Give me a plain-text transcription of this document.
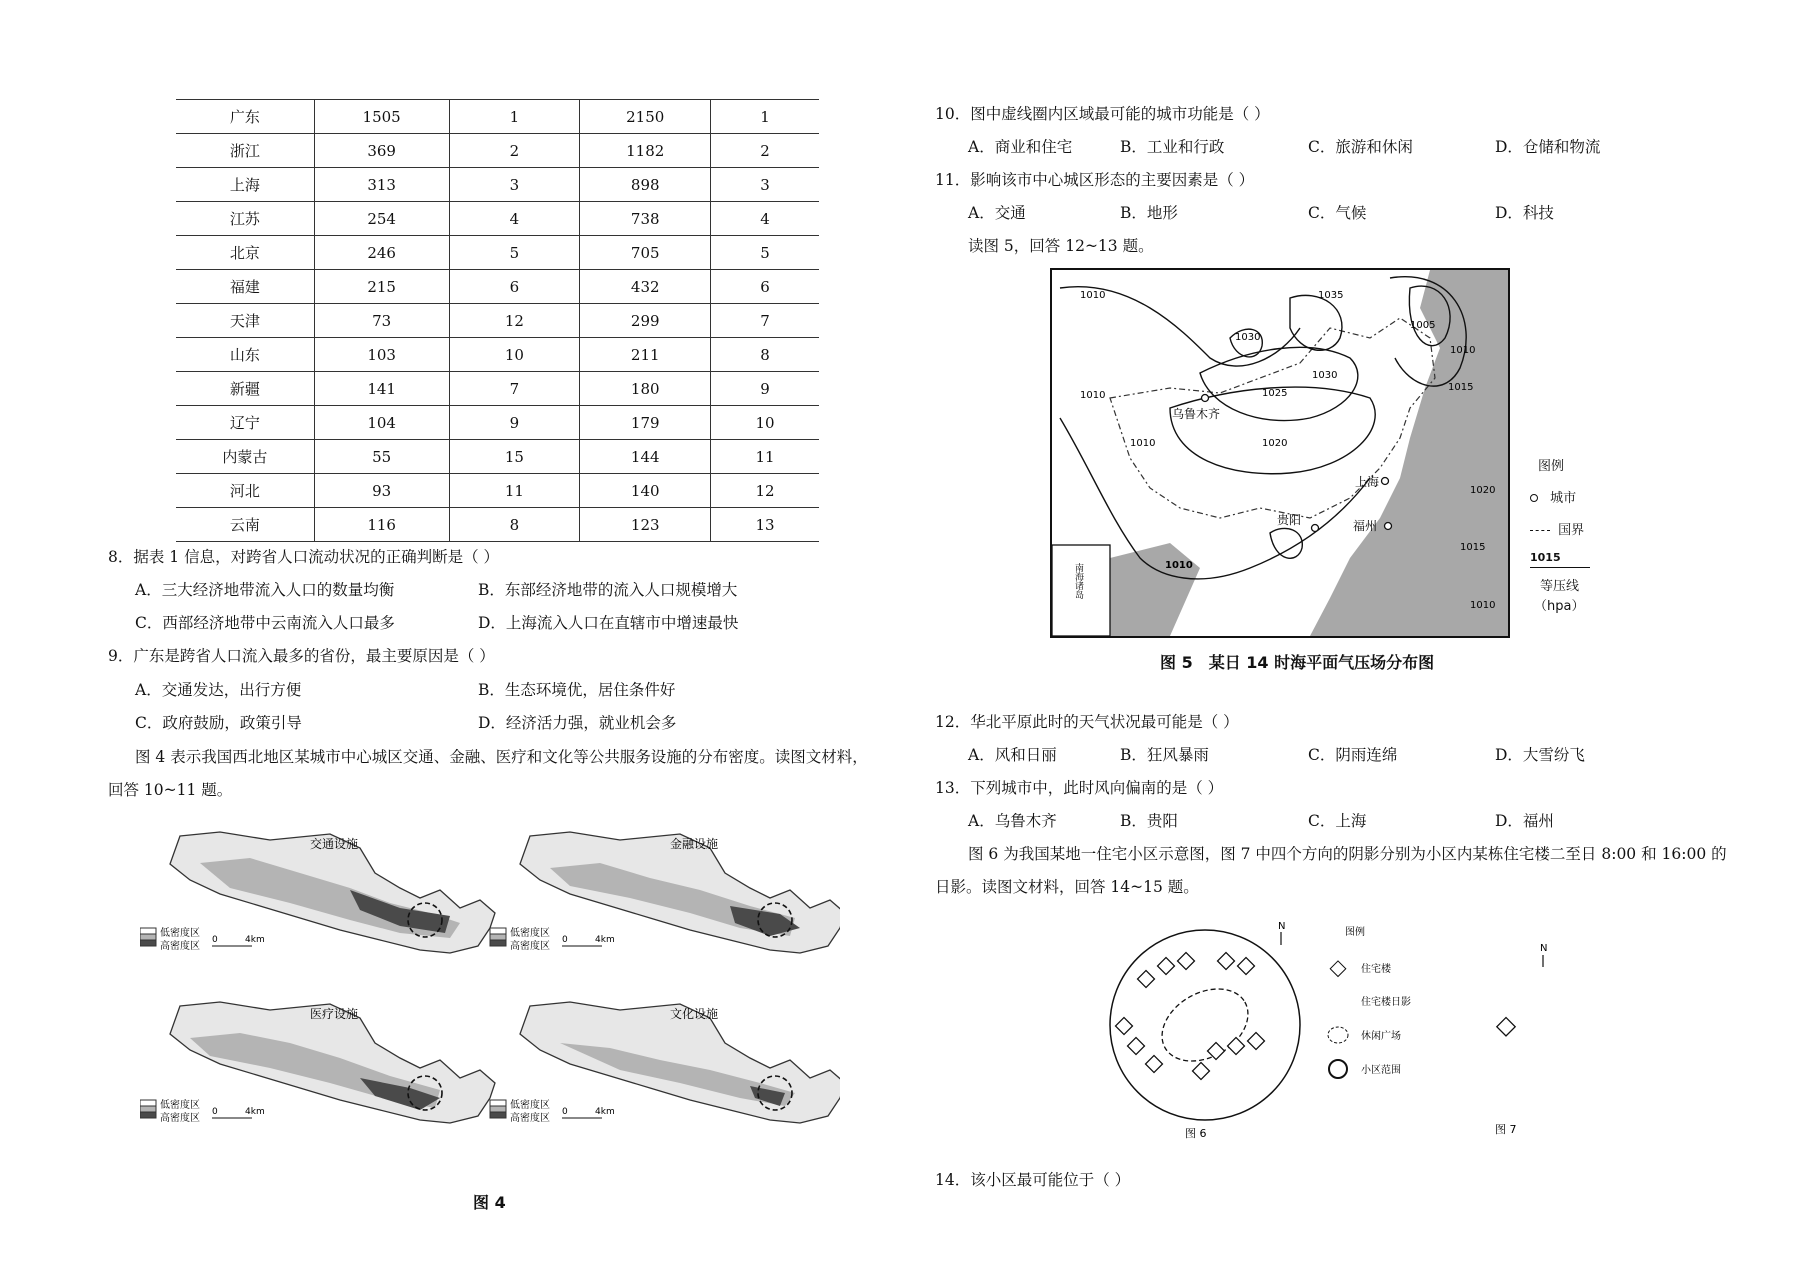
广东	1505	1	2150	1
浙江	369	2	1182	2
上海	313	3	898	3
江苏	254	4	738	4
北京	246	5	705	5
福建	215	6	432	6
天津	73	12	299	7
山东	103	10	211	8
新疆	141	7	180	9
辽宁	104	9	179	10
内蒙古	55	15	144	11
河北	93	11	140	12
云南	116	8	123	13
8．据表 1 信息，对跨省人口流动状况的正确判断是（ ）
A．三大经济地带流入人口的数量均衡	B．东部经济地带的流入人口规模增大
C．西部经济地带中云南流入人口最多	D．上海流入人口在直辖市中增速最快
9．广东是跨省人口流入最多的省份，最主要原因是（ ）
A．交通发达，出行方便	B．生态环境优，居住条件好
C．政府鼓励，政策引导	D．经济活力强，就业机会多
图 4 表示我国西北地区某城市中心城区交通、金融、医疗和文化等公共服务设施的分布密度。读图文材料，
回答 10~11 题。
交通设施	金融设施
医疗设施	文化设施
低密度区
高密度区
0	4km
低密度区
高密度区
0	4km
低密度区
高密度区
0	4km
低密度区
高密度区
0	4km
图 4
10．图中虚线圈内区域最可能的城市功能是（ ）
A．商业和住宅	B．工业和行政	C．旅游和休闲	D．仓储和物流
11．影响该市中心城区形态的主要因素是（ ）
A．交通	B．地形	C．气候	D．科技
读图 5，回答 12~13 题。
1010	1035
1030
1030
1005
1010
1015
1025
1020
1010
1010
1020
1015
1010
1010
乌鲁木齐
上海
贵阳	福州
南海诸岛
图例
城市
国界
1015
等压线
（hpa）
图 5　某日 14 时海平面气压场分布图
12．华北平原此时的天气状况最可能是（ ）
A．风和日丽	B．狂风暴雨	C．阴雨连绵	D．大雪纷飞
13．下列城市中，此时风向偏南的是（ ）
A．乌鲁木齐	B．贵阳	C．上海	D．福州
图 6 为我国某地一住宅小区示意图，图 7 中四个方向的阴影分别为小区内某栋住宅楼二至日 8:00 和 16:00 的
日影。读图文材料，回答 14~15 题。
N
图 6
图例
住宅楼
住宅楼日影
休闲广场
小区范围
N
图 7
14．该小区最可能位于（ ）
